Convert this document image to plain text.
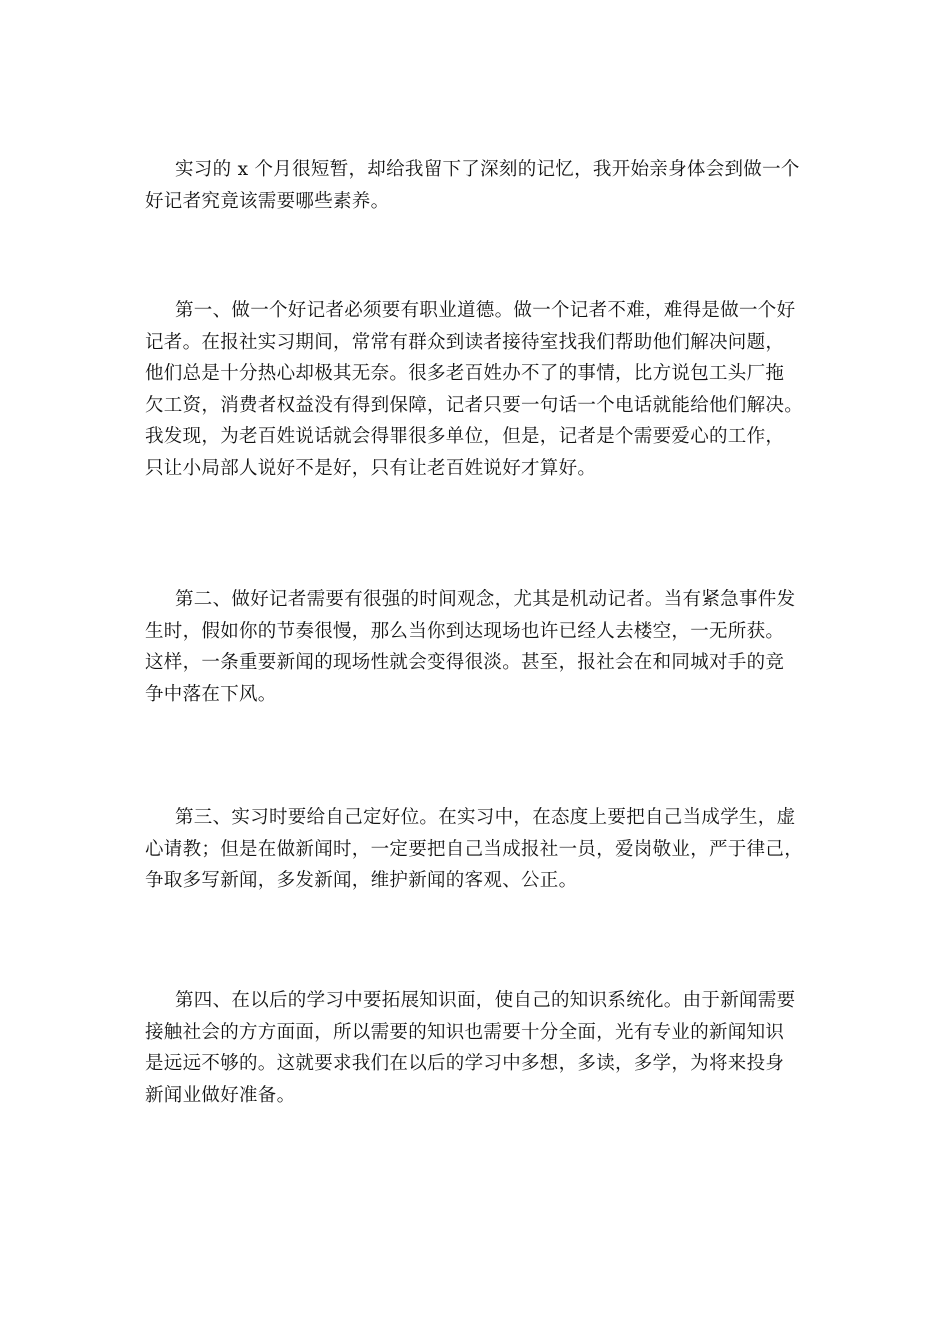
实习的 x 个月很短暂，却给我留下了深刻的记忆，我开始亲身体会到做一个
好记者究竟该需要哪些素养。
第一、做一个好记者必须要有职业道德。做一个记者不难，难得是做一个好
记者。在报社实习期间，常常有群众到读者接待室找我们帮助他们解决问题，
他们总是十分热心却极其无奈。很多老百姓办不了的事情，比方说包工头厂拖
欠工资，消费者权益没有得到保障，记者只要一句话一个电话就能给他们解决。
我发现，为老百姓说话就会得罪很多单位，但是，记者是个需要爱心的工作，
只让小局部人说好不是好，只有让老百姓说好才算好。
第二、做好记者需要有很强的时间观念，尤其是机动记者。当有紧急事件发
生时，假如你的节奏很慢，那么当你到达现场也许已经人去楼空，一无所获。
这样，一条重要新闻的现场性就会变得很淡。甚至，报社会在和同城对手的竞
争中落在下风。
第三、实习时要给自己定好位。在实习中，在态度上要把自己当成学生，虚
心请教；但是在做新闻时，一定要把自己当成报社一员，爱岗敬业，严于律己，
争取多写新闻，多发新闻，维护新闻的客观、公正。
第四、在以后的学习中要拓展知识面，使自己的知识系统化。由于新闻需要
接触社会的方方面面，所以需要的知识也需要十分全面，光有专业的新闻知识
是远远不够的。这就要求我们在以后的学习中多想，多读，多学，为将来投身
新闻业做好准备。
